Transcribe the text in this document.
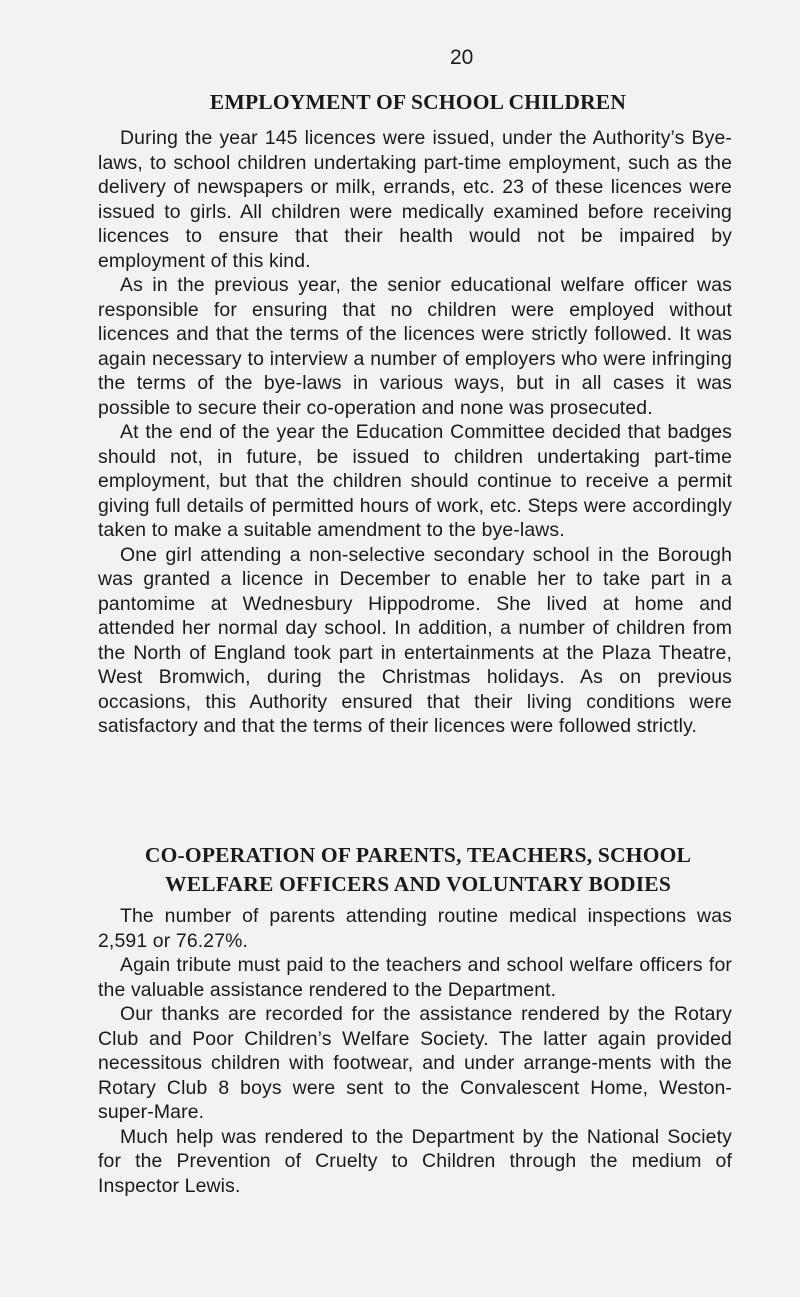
20
EMPLOYMENT OF SCHOOL CHILDREN

During the year 145 licences were issued, under the Authority’s Bye-laws, to school children undertaking part-time employment, such as the delivery of newspapers or milk, errands, etc. 23 of these licences were issued to girls. All children were medically examined before receiving licences to ensure that their health would not be impaired by employment of this kind.

As in the previous year, the senior educational welfare officer was responsible for ensuring that no children were employed without licences and that the terms of the licences were strictly followed. It was again necessary to interview a number of employers who were infringing the terms of the bye-laws in various ways, but in all cases it was possible to secure their co-operation and none was prosecuted.

At the end of the year the Education Committee decided that badges should not, in future, be issued to children undertaking part-time employment, but that the children should continue to receive a permit giving full details of permitted hours of work, etc. Steps were accordingly taken to make a suitable amendment to the bye-laws.

One girl attending a non-selective secondary school in the Borough was granted a licence in December to enable her to take part in a pantomime at Wednesbury Hippodrome. She lived at home and attended her normal day school. In addition, a number of children from the North of England took part in entertainments at the Plaza Theatre, West Bromwich, during the Christmas holidays. As on previous occasions, this Authority ensured that their living conditions were satisfactory and that the terms of their licences were followed strictly.

CO-OPERATION OF PARENTS, TEACHERS, SCHOOL
WELFARE OFFICERS AND VOLUNTARY BODIES

The number of parents attending routine medical inspections was 2,591 or 76.27%.

Again tribute must paid to the teachers and school welfare officers for the valuable assistance rendered to the Department.

Our thanks are recorded for the assistance rendered by the Rotary Club and Poor Children’s Welfare Society. The latter again provided necessitous children with footwear, and under arrange-ments with the Rotary Club 8 boys were sent to the Convalescent Home, Weston-super-Mare.

Much help was rendered to the Department by the National Society for the Prevention of Cruelty to Children through the medium of Inspector Lewis.
